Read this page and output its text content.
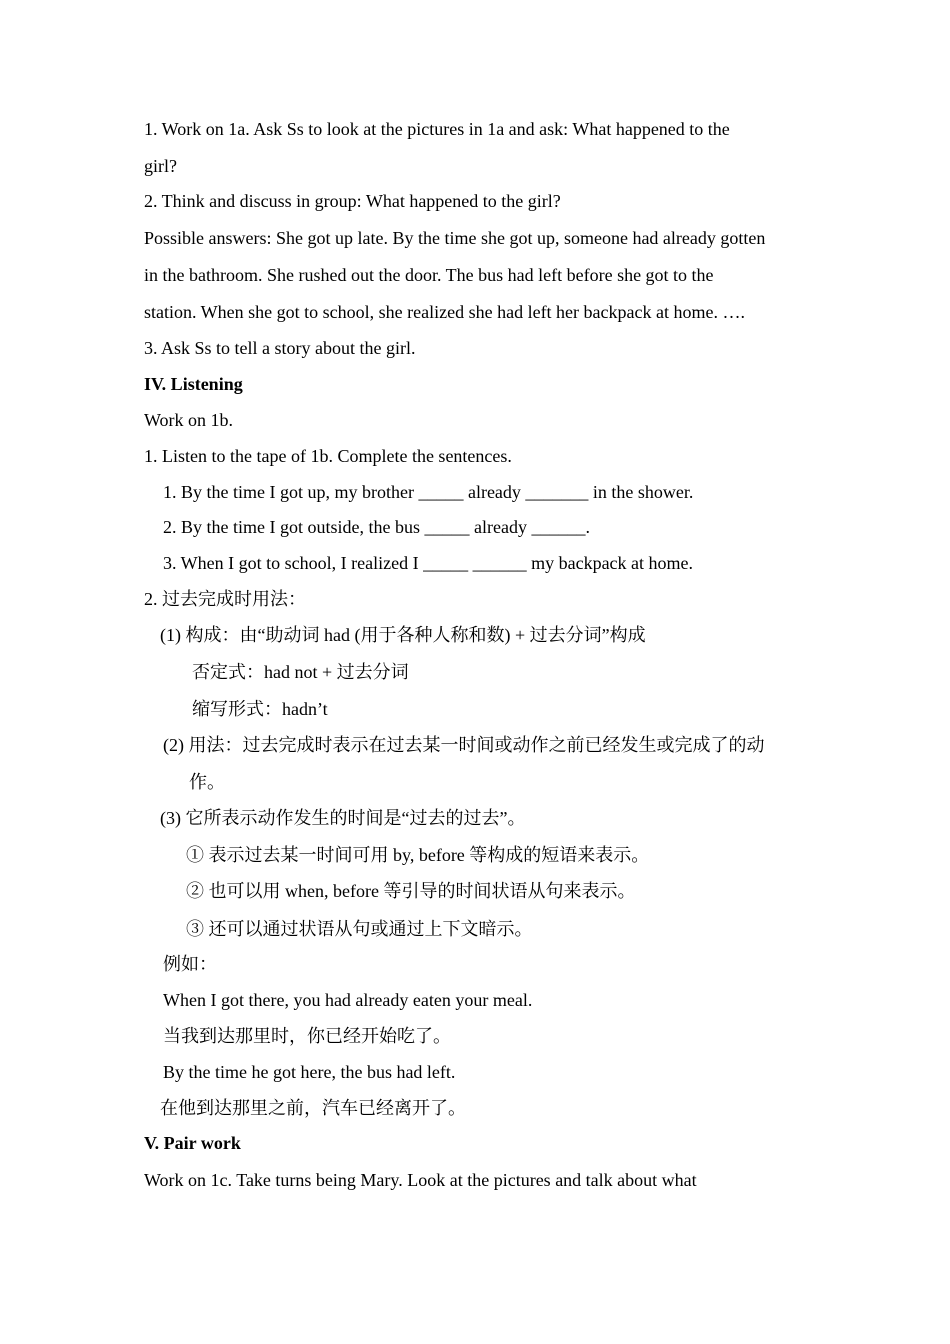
1. Work on 1a. Ask Ss to look at the pictures in 1a and ask: What happened to the
girl?
2. Think and discuss in group: What happened to the girl?
Possible answers: She got up late. By the time she got up, someone had already gotten
in the bathroom. She rushed out the door. The bus had left before she got to the
station. When she got to school, she realized she had left her backpack at home. ….
3. Ask Ss to tell a story about the girl.
IV. Listening
Work on 1b.
1. Listen to the tape of 1b. Complete the sentences.
1. By the time I got up, my brother _____ already _______ in the shower.
2. By the time I got outside, the bus _____ already ______.
3. When I got to school, I realized I _____ ______ my backpack at home.
2. 过去完成时用法：
(1) 构成：由“助动词 had (用于各种人称和数) + 过去分词”构成
否定式：had not + 过去分词
缩写形式：hadn’t
(2) 用法：过去完成时表示在过去某一时间或动作之前已经发生或完成了的动
作。
(3) 它所表示动作发生的时间是“过去的过去”。
① 表示过去某一时间可用 by, before 等构成的短语来表示。
② 也可以用 when, before 等引导的时间状语从句来表示。
③ 还可以通过状语从句或通过上下文暗示。
例如：
When I got there, you had already eaten your meal.
当我到达那里时，你已经开始吃了。
By the time he got here, the bus had left.
在他到达那里之前，汽车已经离开了。
V. Pair work
Work on 1c. Take turns being Mary. Look at the pictures and talk about what
